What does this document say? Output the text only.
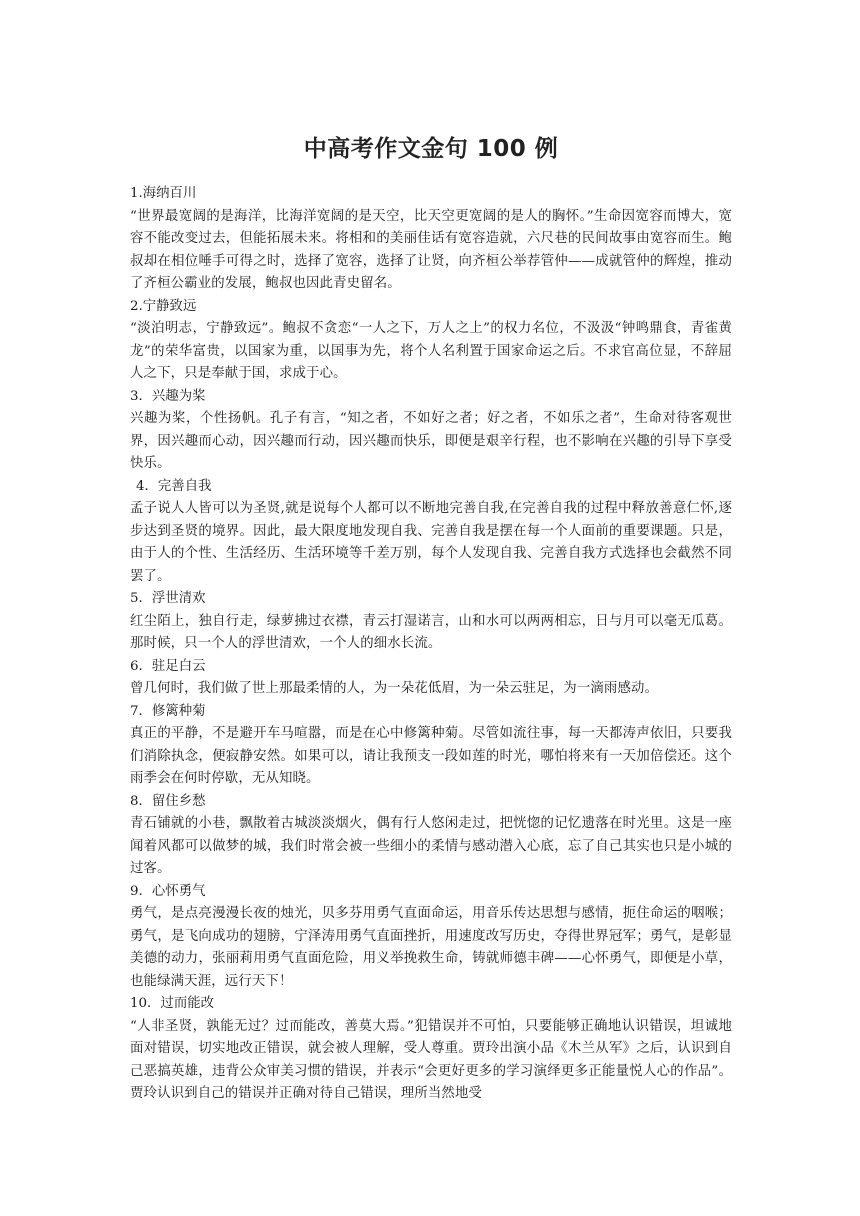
中高考作文金句 100 例

1.海纳百川

“世界最宽阔的是海洋，比海洋宽阔的是天空，比天空更宽阔的是人的胸怀。”生命因宽容而博大，宽容不能改变过去，但能拓展未来。将相和的美丽佳话有宽容造就，六尺巷的民间故事由宽容而生。鲍叔却在相位唾手可得之时，选择了宽容，选择了让贤，向齐桓公举荐管仲——成就管仲的辉煌，推动了齐桓公霸业的发展，鲍叔也因此青史留名。

2.宁静致远

“淡泊明志，宁静致远”。鲍叔不贪恋“一人之下，万人之上”的权力名位，不汲汲“钟鸣鼎食，青雀黄龙”的荣华富贵，以国家为重，以国事为先，将个人名利置于国家命运之后。不求官高位显，不辞屈人之下，只是奉献于国，求成于心。

3．兴趣为桨

兴趣为桨，个性扬帆。孔子有言，“知之者，不如好之者；好之者，不如乐之者”，生命对待客观世界，因兴趣而心动，因兴趣而行动，因兴趣而快乐，即便是艰辛行程，也不影响在兴趣的引导下享受快乐。

4．完善自我

孟子说人人皆可以为圣贤,就是说每个人都可以不断地完善自我,在完善自我的过程中释放善意仁怀,逐步达到圣贤的境界。因此，最大限度地发现自我、完善自我是摆在每一个人面前的重要课题。只是，由于人的个性、生活经历、生活环境等千差万别，每个人发现自我、完善自我方式选择也会截然不同罢了。

5．浮世清欢

红尘陌上，独自行走，绿萝拂过衣襟，青云打湿诺言，山和水可以两两相忘，日与月可以毫无瓜葛。那时候，只一个人的浮世清欢，一个人的细水长流。

6．驻足白云

曾几何时，我们做了世上那最柔情的人，为一朵花低眉，为一朵云驻足，为一滴雨感动。

7．修篱种菊

真正的平静，不是避开车马喧嚣，而是在心中修篱种菊。尽管如流往事，每一天都涛声依旧，只要我们消除执念，便寂静安然。如果可以，请让我预支一段如莲的时光，哪怕将来有一天加倍偿还。这个雨季会在何时停歇，无从知晓。

8．留住乡愁

青石铺就的小巷，飘散着古城淡淡烟火，偶有行人悠闲走过，把恍惚的记忆遗落在时光里。这是一座闻着风都可以做梦的城，我们时常会被一些细小的柔情与感动潜入心底，忘了自己其实也只是小城的过客。

9．心怀勇气

勇气，是点亮漫漫长夜的烛光，贝多芬用勇气直面命运，用音乐传达思想与感情，扼住命运的咽喉；勇气，是飞向成功的翅膀，宁泽涛用勇气直面挫折，用速度改写历史，夺得世界冠军；勇气，是彰显美德的动力，张丽莉用勇气直面危险，用义举挽救生命，铸就师德丰碑——心怀勇气，即便是小草，也能绿满天涯，远行天下！

10．过而能改

“人非圣贤，孰能无过？过而能改，善莫大焉。”犯错误并不可怕，只要能够正确地认识错误，坦诚地面对错误，切实地改正错误，就会被人理解，受人尊重。贾玲出演小品《木兰从军》之后，认识到自己恶搞英雄，违背公众审美习惯的错误，并表示“会更好更多的学习演绎更多正能量悦人心的作品”。贾玲认识到自己的错误并正确对待自己错误，理所当然地受
